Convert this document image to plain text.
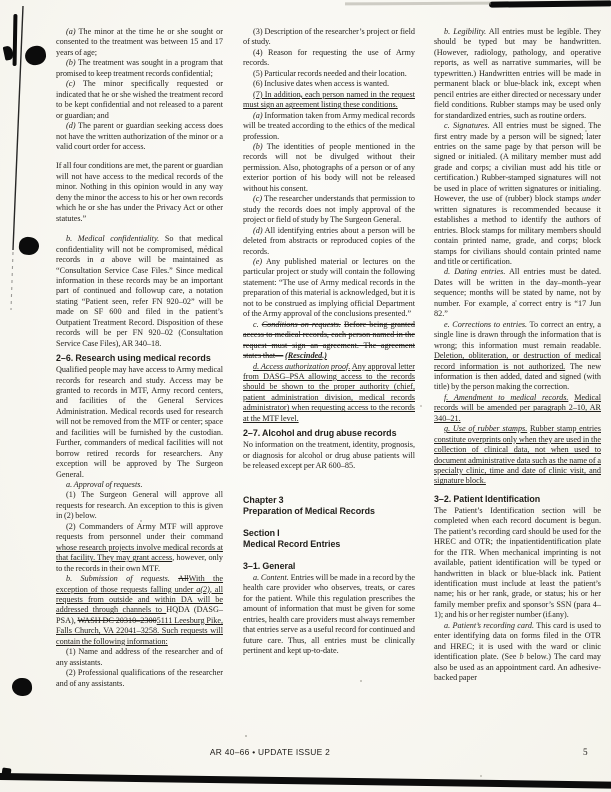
(a) The minor at the time he or she sought or consented to the treatment was between 15 and 17 years of age;

(b) The treatment was sought in a program that promised to keep treatment records confidential;

(c) The minor specifically requested or indicated that he or she wished the treatment record to be kept confidential and not released to a parent or guardian; and

(d) The parent or guardian seeking access does not have the written authorization of the minor or a valid court order for access.

If all four conditions are met, the parent or guardian will not have access to the medical records of the minor. Nothing in this opinion would in any way deny the minor the access to his or her own records which he or she has under the Privacy Act or other statutes.”

b. Medical confidentiality. So that medical confidentiality will not be compromised, medical records in a above will be maintained as “Consultation Service Case Files.” Since medical information in these records may be an important part of continued and followup care, a notation stating “Patient seen, refer FN 920–02” will be made on SF 600 and filed in the patient’s Outpatient Treatment Record. Disposition of these records will be per FN 920–02 (Consultation Service Case Files), AR 340–18.

2–6. Research using medical records

Qualified people may have access to Army medical records for research and study. Access may be granted to records in MTF, Army record centers, and facilities of the General Services Administration. Medical records used for research will not be removed from the MTF or center; space and facilities will be furnished by the custodian. Further, commanders of medical facilities will not borrow retired records for researchers. Any exception will be approved by The Surgeon General.

a. Approval of requests.

(1) The Surgeon General will approve all requests for research. An exception to this is given in (2) below.

(2) Commanders of Army MTF will approve requests from personnel under their command whose research projects involve medical records at that facility. They may grant access, however, only to the records in their own MTF.

b. Submission of requests. AllWith the exception of those requests falling under a(2), all requests from outside and within DA will be addressed through channels to HQDA (DASG–PSA), WASH DC 20310–23005111 Leesburg Pike, Falls Church, VA 22041–3258. Such requests will contain the following information:

(1) Name and address of the researcher and of any assistants.

(2) Professional qualifications of the researcher and of any assistants.

(3) Description of the researcher’s project or field of study.

(4) Reason for requesting the use of Army records.

(5) Particular records needed and their location.

(6) Inclusive dates when access is wanted.

(7) In addition, each person named in the request must sign an agreement listing these conditions.

(a) Information taken from Army medical records will be treated according to the ethics of the medical profession.

(b) The identities of people mentioned in the records will not be divulged without their permission. Also, photographs of a person or of any exterior portion of his body will not be released without his consent.

(c) The researcher understands that permission to study the records does not imply approval of the project or field of study by The Surgeon General.

(d) All identifying entries about a person will be deleted from abstracts or reproduced copies of the records.

(e) Any published material or lectures on the particular project or study will contain the following statement: “The use of Army medical records in the preparation of this material is acknowledged, but it is not to be construed as implying official Department of the Army approval of the conclusions presented.”

c. Conditions on requests. Before being granted access to medical records, each person named in the request must sign an agreement. The agreement states that— (Rescinded.)

d. Access authorization proof. Any approval letter from DASG–PSA allowing access to the records should be shown to the proper authority (chief, patient administration division, medical records administrator) when requesting access to the records at the MTF level.

2–7. Alcohol and drug abuse records

No information on the treatment, identity, prognosis, or diagnosis for alcohol or drug abuse patients will be released except per AR 600–85.

Chapter 3
Preparation of Medical Records
Section I
Medical Record Entries
3–1. General

a. Content. Entries will be made in a record by the health care provider who observes, treats, or cares for the patient. While this regulation prescribes the amount of information that must be given for some entries, health care providers must always remember that entries serve as a useful record for continued and future care. Thus, all entries must be clinically pertinent and kept up-to-date.

b. Legibility. All entries must be legible. They should be typed but may be handwritten. (However, radiology, pathology, and operative reports, as well as narrative summaries, will be typewritten.) Handwritten entries will be made in permanent black or blue-black ink, except when pencil entries are either directed or necessary under field conditions. Rubber stamps may be used only for standardized entries, such as routine orders.

c. Signatures. All entries must be signed. The first entry made by a person will be signed; later entries on the same page by that person will be signed or initialed. (A military member must add grade and corps; a civilian must add his title or certification.) Rubber-stamped signatures will not be used in place of written signatures or initialing. However, the use of (rubber) block stamps under written signatures is recommended because it establishes a method to identify the authors of entries. Block stamps for military members should contain printed name, grade, and corps; block stamps for civilians should contain printed name and title or certification.

d. Dating entries. All entries must be dated. Dates will be written in the day–month–year sequence; months will be stated by name, not by number. For example, a correct entry is “17 Jun 82.”

e. Corrections to entries. To correct an entry, a single line is drawn through the information that is wrong; this information must remain readable. Deletion, obliteration, or destruction of medical record information is not authorized. The new information is then added, dated and signed (with title) by the person making the correction.

f. Amendment to medical records. Medical records will be amended per paragraph 2–10, AR 340–21.

g. Use of rubber stamps. Rubber stamp entries constitute overprints only when they are used in the collection of clinical data, not when used to document administrative data such as the name of a specialty clinic, time and date of clinic visit, and signature block.

3–2. Patient Identification

The Patient’s Identification section will be completed when each record document is begun. The patient’s recording card should be used for the HREC and OTR; the inpatientidentification plate for the ITR. When mechanical imprinting is not available, patient identification will be typed or handwritten in black or blue-black ink. Patient identification must include at least the patient’s name; his or her rank, grade, or status; his or her family member prefix and sponsor’s SSN (para 4–1); and his or her register number (if any).

a. Patient’s recording card. This card is used to enter identifying data on forms filed in the OTR and HREC; it is used with the ward or clinic identification plate. (See b below.) The card may also be used as an appointment card. An adhesive-backed paper

AR 40–66 • UPDATE ISSUE 2	5
